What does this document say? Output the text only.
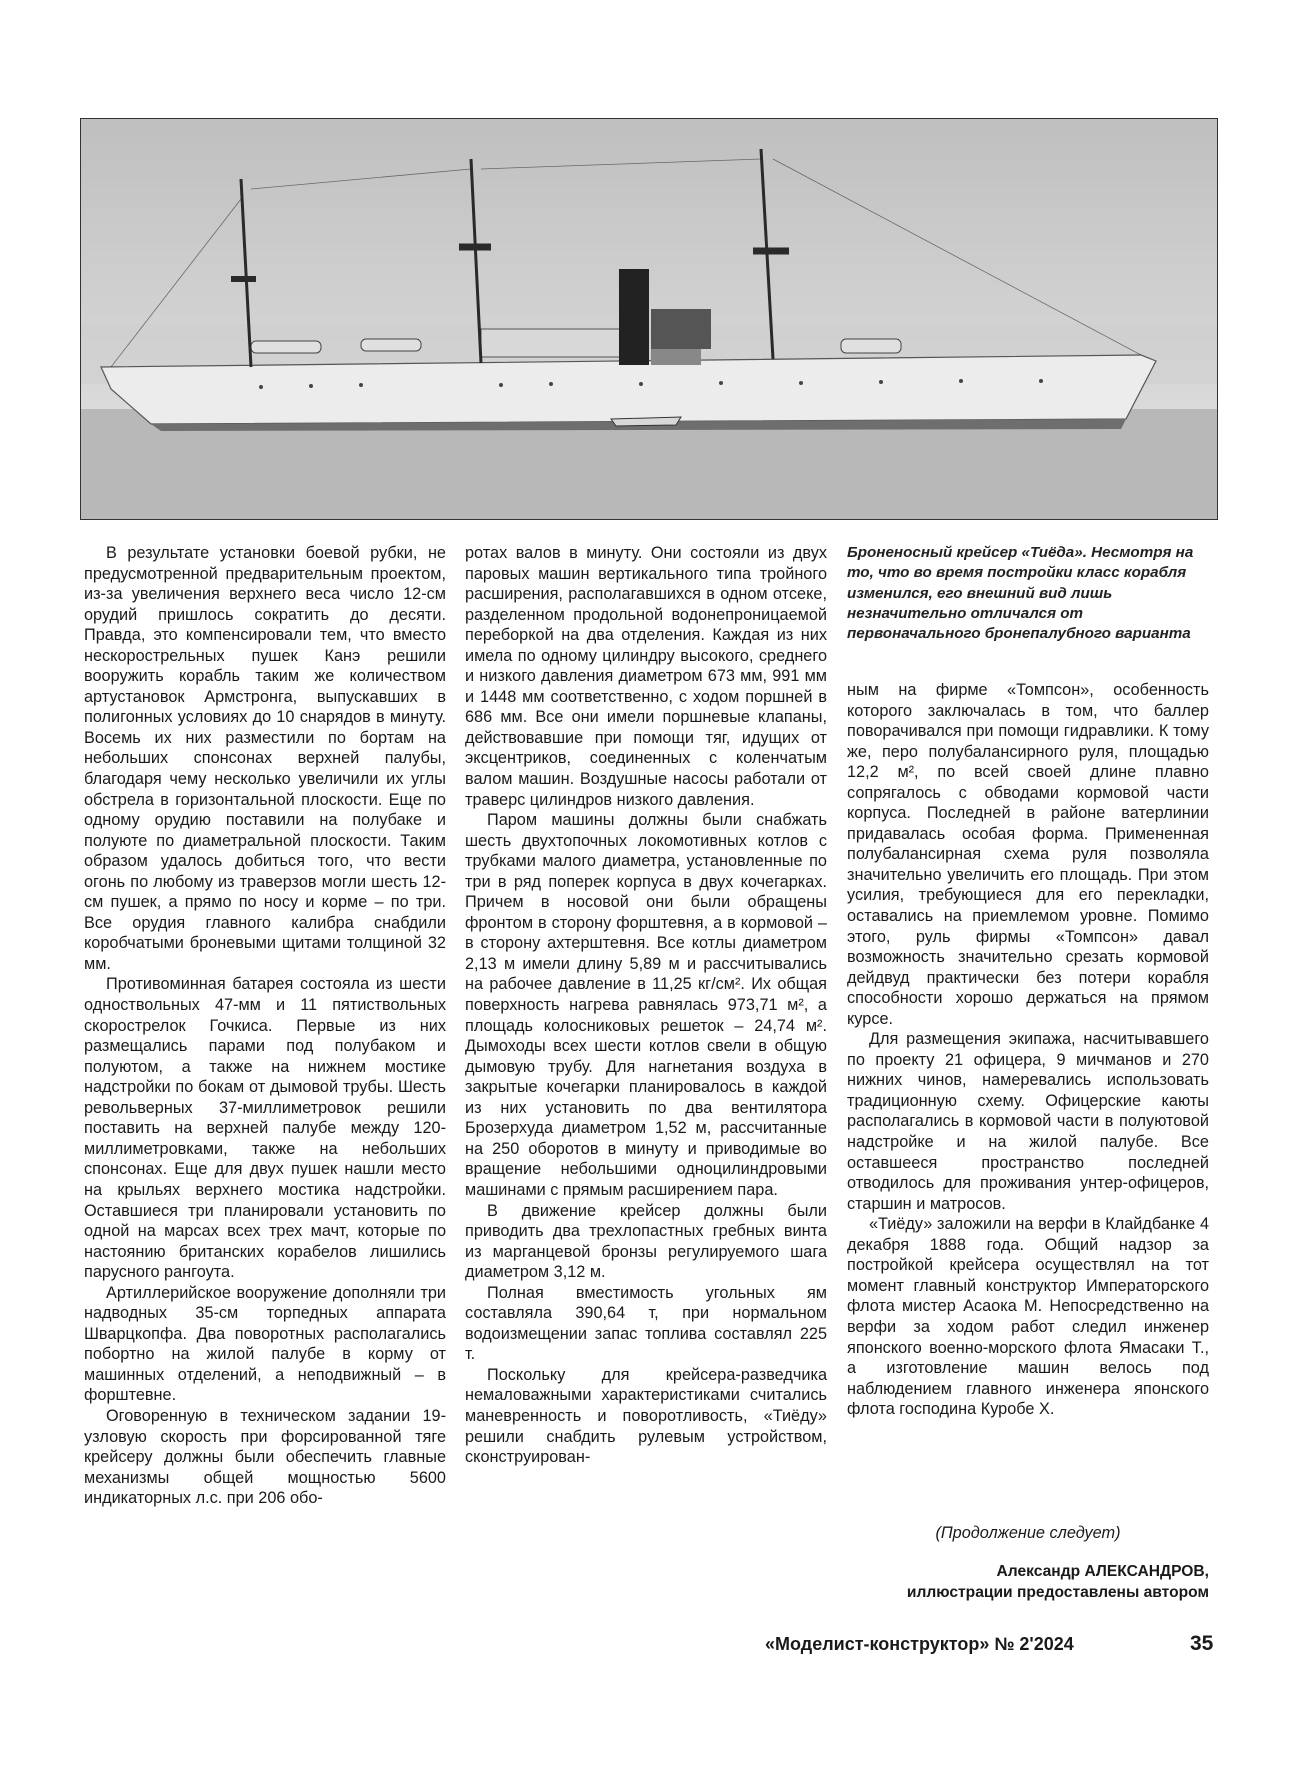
В результате установки боевой рубки, не предусмотренной предварительным проектом, из-за увеличения верхнего веса число 12-см орудий пришлось сократить до десяти. Правда, это компенсировали тем, что вместо нескорострельных пушек Канэ решили вооружить корабль таким же количеством артустановок Армстронга, выпускавших в полигонных условиях до 10 снарядов в минуту. Восемь их них разместили по бортам на небольших спонсонах верхней палубы, благодаря чему несколько увеличили их углы обстрела в горизонтальной плоскости. Еще по одному орудию поставили на полубаке и полуюте по диаметральной плоскости. Таким образом удалось добиться того, что вести огонь по любому из траверзов могли шесть 12-см пушек, а прямо по носу и корме – по три. Все орудия главного калибра снабдили коробчатыми броневыми щитами толщиной 32 мм.

Противоминная батарея состояла из шести одноствольных 47-мм и 11 пятиствольных скорострелок Гочкиса. Первые из них размещались парами под полубаком и полуютом, а также на нижнем мостике надстройки по бокам от дымовой трубы. Шесть револьверных 37-миллиметровок решили поставить на верхней палубе между 120-миллиметровками, также на небольших спонсонах. Еще для двух пушек нашли место на крыльях верхнего мостика надстройки. Оставшиеся три планировали установить по одной на марсах всех трех мачт, которые по настоянию британских корабелов лишились парусного рангоута.

Артиллерийское вооружение дополняли три надводных 35-см торпедных аппарата Шварцкопфа. Два поворотных располагались побортно на жилой палубе в корму от машинных отделений, а неподвижный – в форштевне.

Оговоренную в техническом задании 19-узловую скорость при форсированной тяге крейсеру должны были обеспечить главные механизмы общей мощностью 5600 индикаторных л.с. при 206 обо-

ротах валов в минуту. Они состояли из двух паровых машин вертикального типа тройного расширения, располагавшихся в одном отсеке, разделенном продольной водонепроницаемой переборкой на два отделения. Каждая из них имела по одному цилиндру высокого, среднего и низкого давления диаметром 673 мм, 991 мм и 1448 мм соответственно, с ходом поршней в 686 мм. Все они имели поршневые клапаны, действовавшие при помощи тяг, идущих от эксцентриков, соединенных с коленчатым валом машин. Воздушные насосы работали от траверс цилиндров низкого давления.

Паром машины должны были снабжать шесть двухтопочных локомотивных котлов с трубками малого диаметра, установленные по три в ряд поперек корпуса в двух кочегарках. Причем в носовой они были обращены фронтом в сторону форштевня, а в кормовой – в сторону ахтерштевня. Все котлы диаметром 2,13 м имели длину 5,89 м и рассчитывались на рабочее давление в 11,25 кг/см². Их общая поверхность нагрева равнялась 973,71 м², а площадь колосниковых решеток – 24,74 м². Дымоходы всех шести котлов свели в общую дымовую трубу. Для нагнетания воздуха в закрытые кочегарки планировалось в каждой из них установить по два вентилятора Брозерхуда диаметром 1,52 м, рассчитанные на 250 оборотов в минуту и приводимые во вращение небольшими одноцилиндровыми машинами с прямым расширением пара.

В движение крейсер должны были приводить два трехлопастных гребных винта из марганцевой бронзы регулируемого шага диаметром 3,12 м.

Полная вместимость угольных ям составляла 390,64 т, при нормальном водоизмещении запас топлива составлял 225 т.

Поскольку для крейсера-разведчика немаловажными характеристиками считались маневренность и поворотливость, «Тиёду» решили снабдить рулевым устройством, сконструирован-

Броненосный крейсер «Тиёда». Несмотря на то, что во время постройки класс корабля изменился, его внешний вид лишь незначительно отличался от первоначального бронепалубного варианта

ным на фирме «Томпсон», особенность которого заключалась в том, что баллер поворачивался при помощи гидравлики. К тому же, перо полубалансирного руля, площадью 12,2 м², по всей своей длине плавно сопрягалось с обводами кормовой части корпуса. Последней в районе ватерлинии придавалась особая форма. Примененная полубалансирная схема руля позволяла значительно увеличить его площадь. При этом усилия, требующиеся для его перекладки, оставались на приемлемом уровне. Помимо этого, руль фирмы «Томпсон» давал возможность значительно срезать кормовой дейдвуд практически без потери корабля способности хорошо держаться на прямом курсе.

Для размещения экипажа, насчитывавшего по проекту 21 офицера, 9 мичманов и 270 нижних чинов, намеревались использовать традиционную схему. Офицерские каюты располагались в кормовой части в полуютовой надстройке и на жилой палубе. Все оставшееся пространство последней отводилось для проживания унтер-офицеров, старшин и матросов.

«Тиёду» заложили на верфи в Клайдбанке 4 декабря 1888 года. Общий надзор за постройкой крейсера осуществлял на тот момент главный конструктор Императорского флота мистер Асаока М. Непосредственно на верфи за ходом работ следил инженер японского военно-морского флота Ямасаки Т., а изготовление машин велось под наблюдением главного инженера японского флота господина Куробе Х.

(Продолжение следует)
Александр АЛЕКСАНДРОВ,
иллюстрации предоставлены автором
«Моделист-конструктор» № 2'2024	35
